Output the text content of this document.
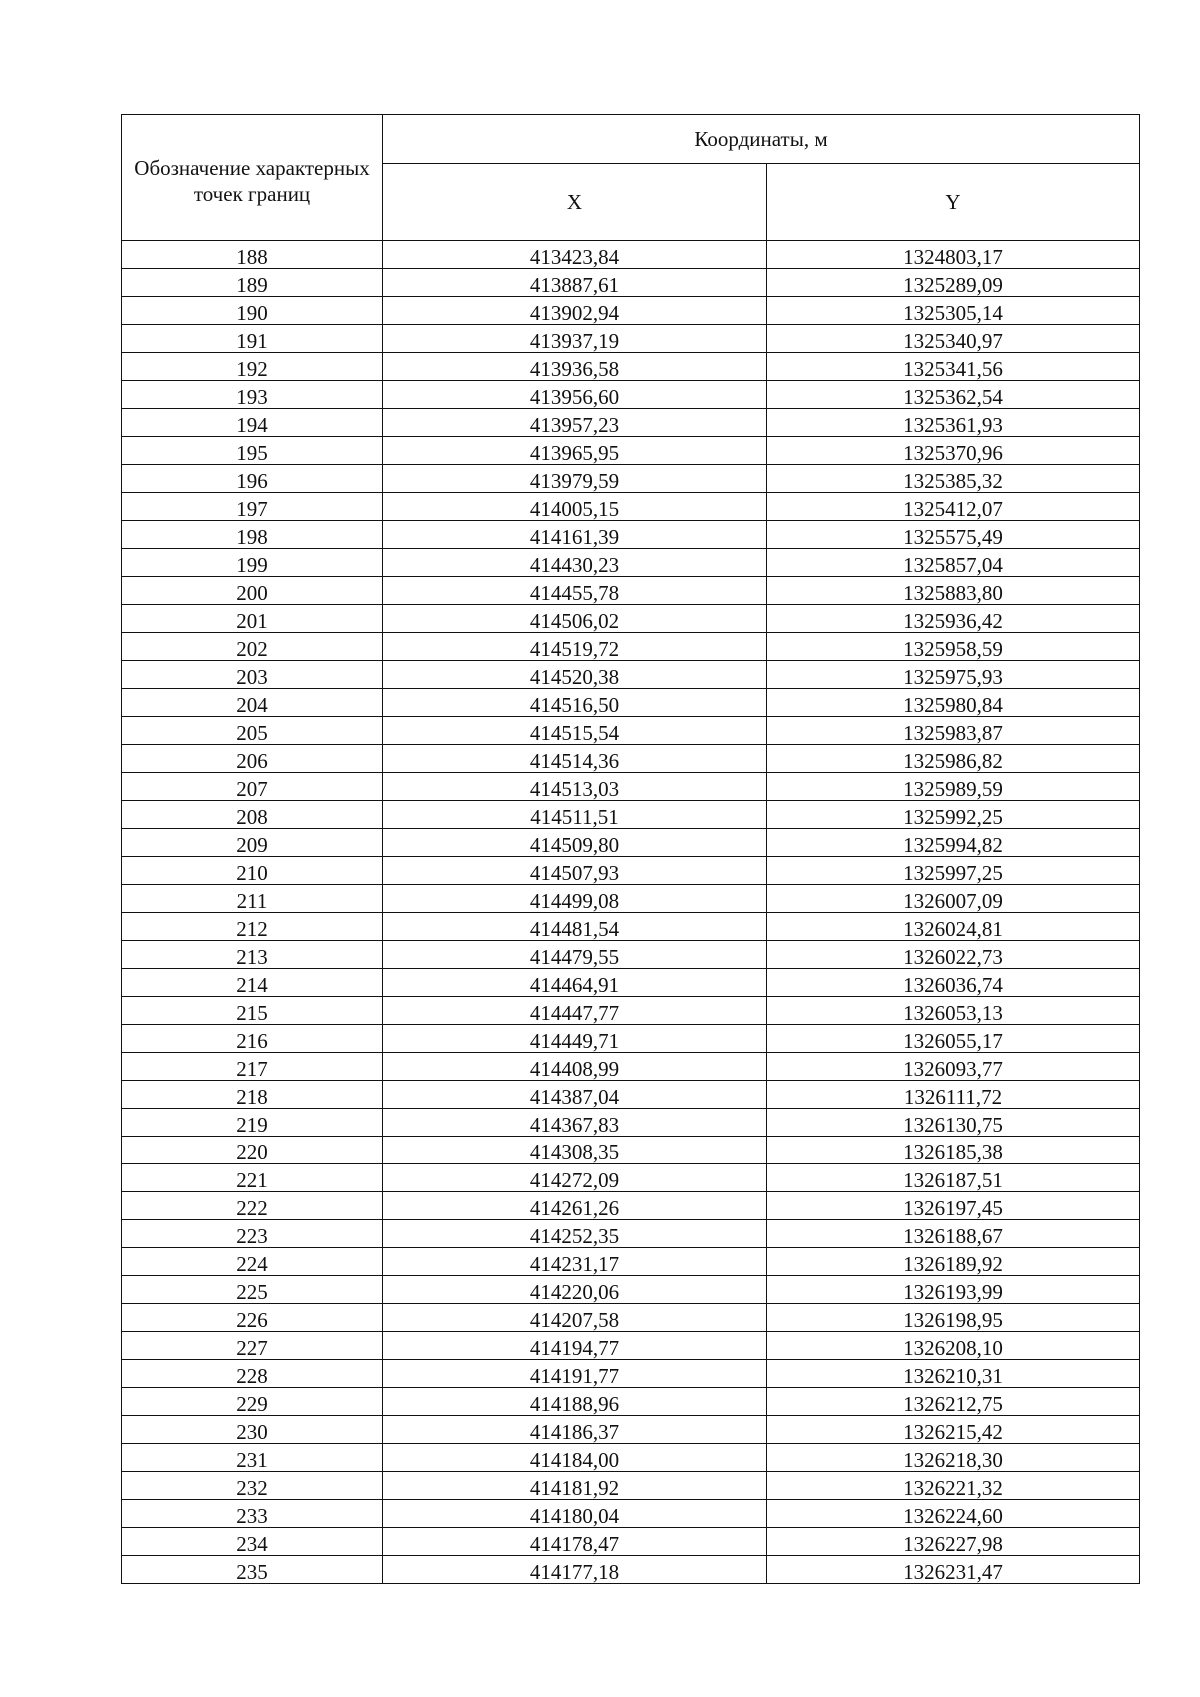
Обозначение характерных точек границ	Координаты, м	
	X	Y
188	413423,84	1324803,17
189	413887,61	1325289,09
190	413902,94	1325305,14
191	413937,19	1325340,97
192	413936,58	1325341,56
193	413956,60	1325362,54
194	413957,23	1325361,93
195	413965,95	1325370,96
196	413979,59	1325385,32
197	414005,15	1325412,07
198	414161,39	1325575,49
199	414430,23	1325857,04
200	414455,78	1325883,80
201	414506,02	1325936,42
202	414519,72	1325958,59
203	414520,38	1325975,93
204	414516,50	1325980,84
205	414515,54	1325983,87
206	414514,36	1325986,82
207	414513,03	1325989,59
208	414511,51	1325992,25
209	414509,80	1325994,82
210	414507,93	1325997,25
211	414499,08	1326007,09
212	414481,54	1326024,81
213	414479,55	1326022,73
214	414464,91	1326036,74
215	414447,77	1326053,13
216	414449,71	1326055,17
217	414408,99	1326093,77
218	414387,04	1326111,72
219	414367,83	1326130,75
220	414308,35	1326185,38
221	414272,09	1326187,51
222	414261,26	1326197,45
223	414252,35	1326188,67
224	414231,17	1326189,92
225	414220,06	1326193,99
226	414207,58	1326198,95
227	414194,77	1326208,10
228	414191,77	1326210,31
229	414188,96	1326212,75
230	414186,37	1326215,42
231	414184,00	1326218,30
232	414181,92	1326221,32
233	414180,04	1326224,60
234	414178,47	1326227,98
235	414177,18	1326231,47
